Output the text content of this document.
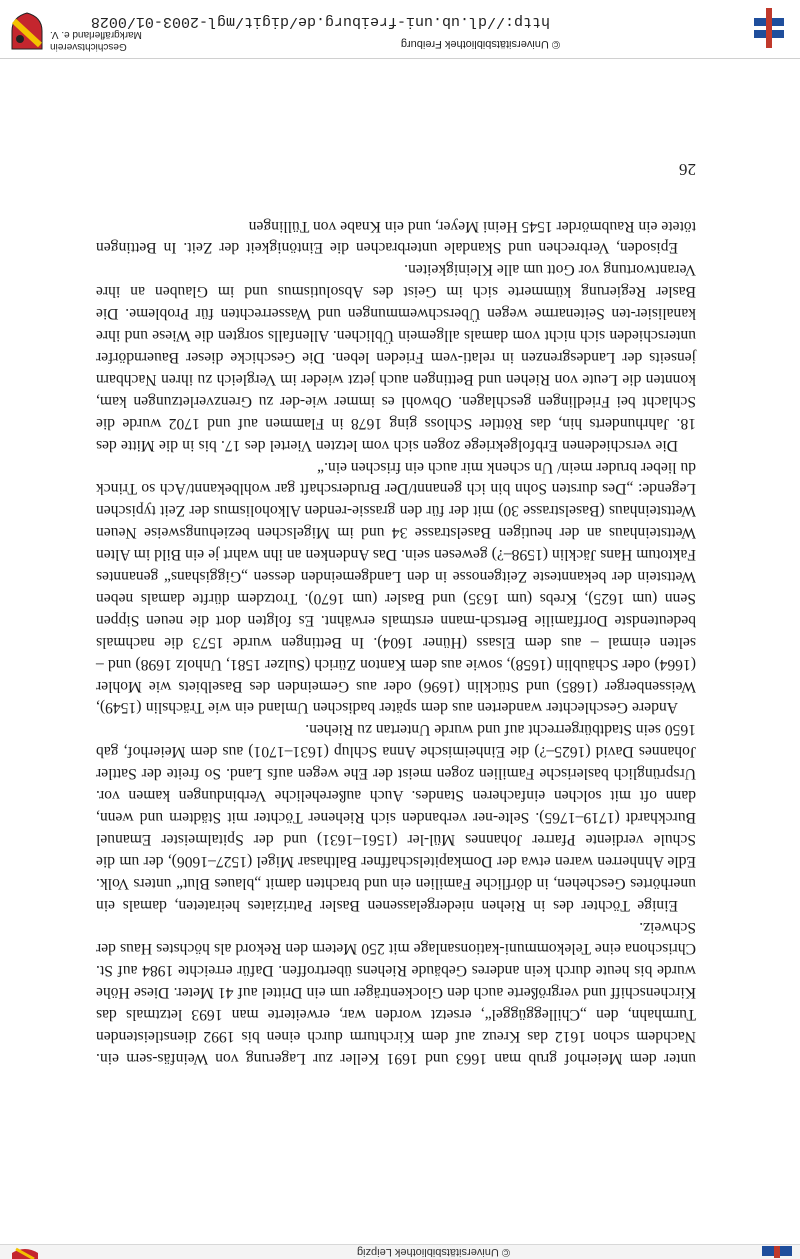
© Universitätsbibliothek Leipzig

unter dem Meierhof grub man 1663 und 1691 Keller zur Lagerung von Weinfäs-sern ein. Nachdem schon 1612 das Kreuz auf dem Kirchturm durch einen bis 1992 dienstleistenden Turmhahn, den „Chilleggüggel“, ersetzt worden war, erweiterte man 1693 letztmals das Kirchenschiff und vergrößerte auch den Glockenträger um ein Drittel auf 41 Meter. Diese Höhe wurde bis heute durch kein anderes Gebäude Riehens übertroffen. Dafür erreichte 1984 auf St. Chrischona eine Telekommuni-kationsanlage mit 250 Metern den Rekord als höchstes Haus der Schweiz.

Einige Töchter des in Riehen niedergelassenen Basler Patriziates heirateten, damals ein unerhörtes Geschehen, in dörfliche Familien ein und brachten damit „blaues Blut“ unters Volk. Edle Ahnherren waren etwa der Domkapitelschaffner Balthasar Migel (1527–1606), der um die Schule verdiente Pfarrer Johannes Mül-ler (1561–1631) und der Spitalmeister Emanuel Burckhardt (1719–1765). Selte-ner verbanden sich Riehener Töchter mit Städtern und wenn, dann oft mit solchen einfacheren Standes. Auch außereheliche Verbindungen kamen vor. Ursprünglich baslerische Familien zogen meist der Ehe wegen aufs Land. So freite der Sattler Johannes David (1625–?) die Einheimische Anna Schlup (1631–1701) aus dem Meierhof, gab 1650 sein Stadtbürgerrecht auf und wurde Untertan zu Riehen.

Andere Geschlechter wanderten aus dem später badischen Umland ein wie Trächslin (1549), Weissenberger (1685) und Stücklin (1696) oder aus Gemeinden des Baselbiets wie Mohler (1664) oder Schäublin (1658), sowie aus dem Kanton Zürich (Sulzer 1581, Unholz 1698) und – selten einmal – aus dem Elsass (Hüner 1604). In Bettingen wurde 1573 die nachmals bedeutendste Dorffamilie Bertsch-mann erstmals erwähnt. Es folgten dort die neuen Sippen Senn (um 1625), Krebs (um 1635) und Basler (um 1670). Trotzdem dürfte damals neben Wettstein der bekannteste Zeitgenosse in den Landgemeinden dessen „Giggishans“ genanntes Faktotum Hans Jäcklin (1598–?) gewesen sein. Das Andenken an ihn wahrt je ein Bild im Alten Wettsteinhaus an der heutigen Baselstrasse 34 und im Migelschen beziehungsweise Neuen Wettsteinhaus (Baselstrasse 30) mit der für den grassie-renden Alkoholismus der Zeit typischen Legende: „Des dursten Sohn bin ich genannt/Der Bruderschaft gar wohlbekannt/Ach so Trinck du lieber bruder mein/ Un schenk mir auch ein frischen ein.“

Die verschiedenen Erbfolgekriege zogen sich vom letzten Viertel des 17. bis in die Mitte des 18. Jahrhunderts hin, das Röttler Schloss ging 1678 in Flammen auf und 1702 wurde die Schlacht bei Friedlingen geschlagen. Obwohl es immer wie-der zu Grenzverletzungen kam, konnten die Leute von Riehen und Bettingen auch jetzt wieder im Vergleich zu ihren Nachbarn jenseits der Landesgrenzen in relati-vem Frieden leben. Die Geschicke dieser Bauerndörfer unterschieden sich nicht vom damals allgemein Üblichen. Allenfalls sorgten die Wiese und ihre kanalisier-ten Seitenarme wegen Überschwemmungen und Wasserrechten für Probleme. Die Basler Regierung kümmerte sich im Geist des Absolutismus und im Glauben an ihre Verantwortung vor Gott um alle Kleinigkeiten.

Episoden, Verbrechen und Skandale unterbrachen die Eintönigkeit der Zeit. In Bettingen tötete ein Raubmörder 1545 Heini Meyer, und ein Knabe von Tüllingen

26
© Universitätsbibliothek Freiburg
http://dl.ub.uni-freiburg.de/digit/mgl-2003-01/0028
Geschichtsverein
Markgräflerland e. V.
